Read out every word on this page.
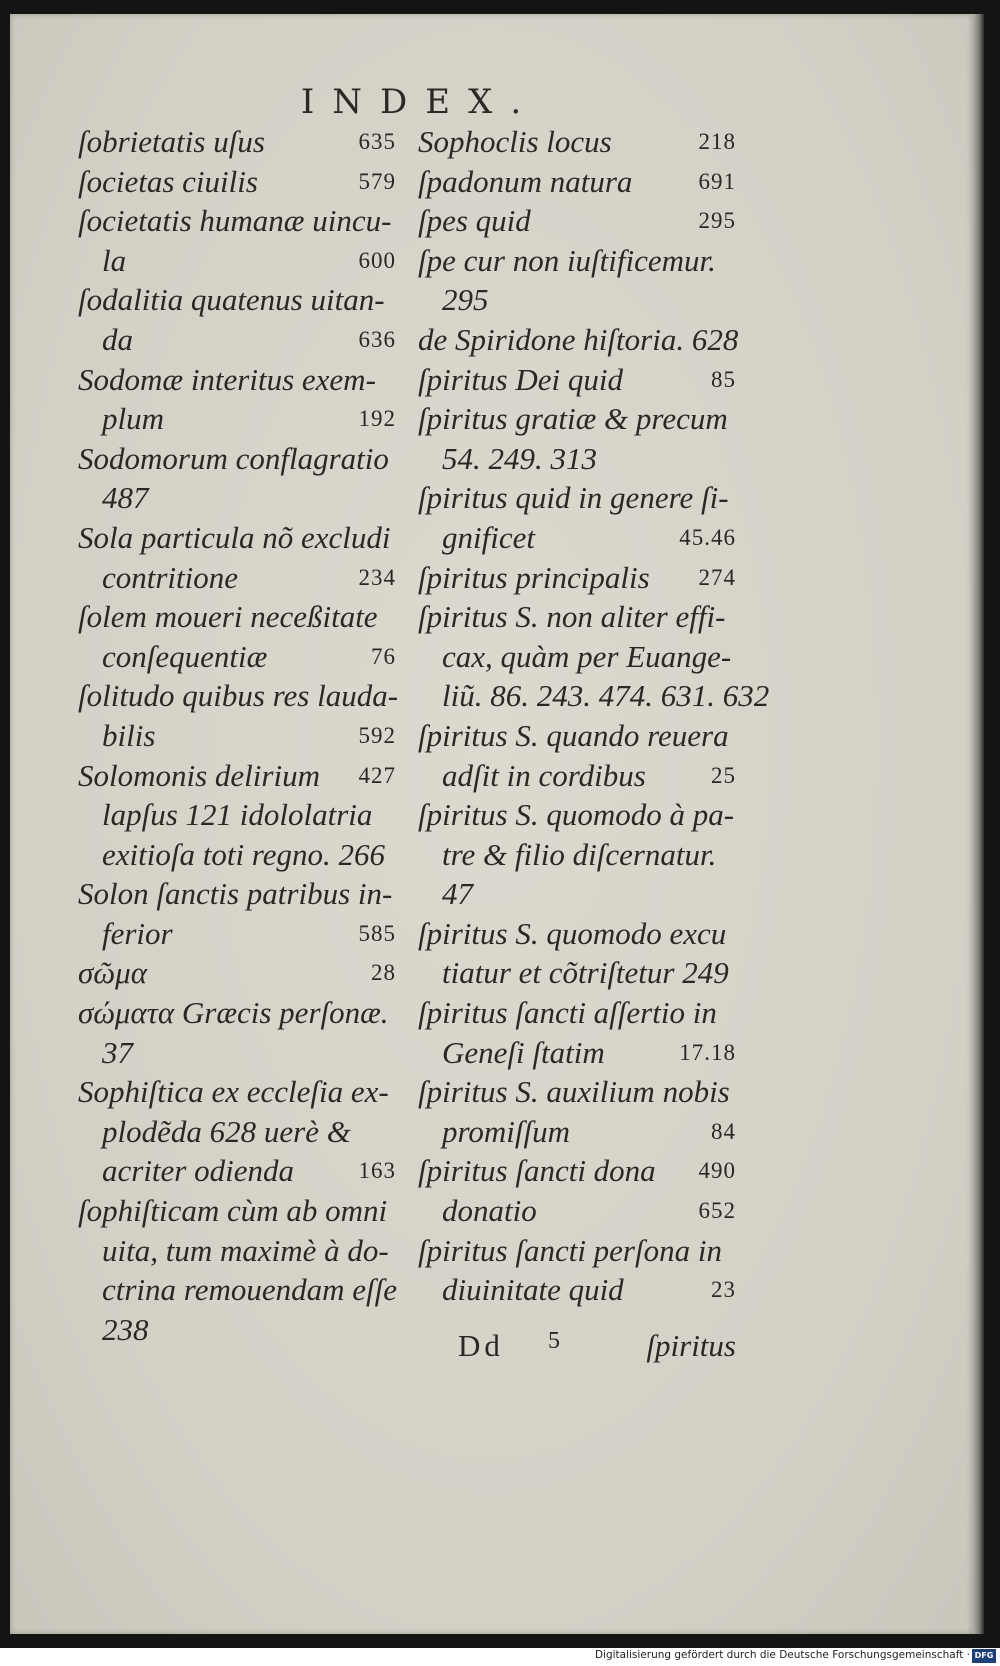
INDEX.
ſobrietatis uſus	635
ſocietas ciuilis	579
ſocietatis humanæ uincu-
la	600
ſodalitia quatenus uitan-
da	636
Sodomæ interitus exem-
plum	192
Sodomorum conflagratio
487
Sola particula nõ excludi
contritione	234
ſolem moueri neceßitate
conſequentiæ	76
ſolitudo quibus res lauda-
bilis	592
Solomonis delirium 427
lapſus 121 idololatria
exitioſa toti regno. 266
Solon ſanctis patribus in-
ferior	585
σῶμα	28
σώματα Græcis perſonæ.
37
Sophiſtica ex eccleſia ex-
plodẽda 628 uerè &
acriter odienda	163
ſophiſticam cùm ab omni
uita, tum maximè à do-
ctrina remouendam eſſe
238
Sophoclis locus	218
ſpadonum natura	691
ſpes quid	295
ſpe cur non iuſtificemur.
295
de Spiridone hiſtoria. 628
ſpiritus Dei quid	85
ſpiritus gratiæ & precum
54. 249. 313
ſpiritus quid in genere ſi-
gnificet	45.46
ſpiritus principalis 274
ſpiritus S. non aliter effi-
cax, quàm per Euange-
liũ. 86. 243. 474. 631. 632
ſpiritus S. quando reuera
adſit in cordibus	25
ſpiritus S. quomodo à pa-
tre & filio diſcernatur.
47
ſpiritus S. quomodo excu
tiatur et cõtriſtetur 249
ſpiritus ſancti aſſertio in
Geneſi ſtatim	17.18
ſpiritus S. auxilium nobis
promiſſum	84
ſpiritus ſancti dona 490
donatio	652
ſpiritus ſancti perſona in
diuinitate quid	23
Dd 5	ſpiritus
Digitalisierung gefördert durch die Deutsche Forschungsgemeinschaft · DFG
